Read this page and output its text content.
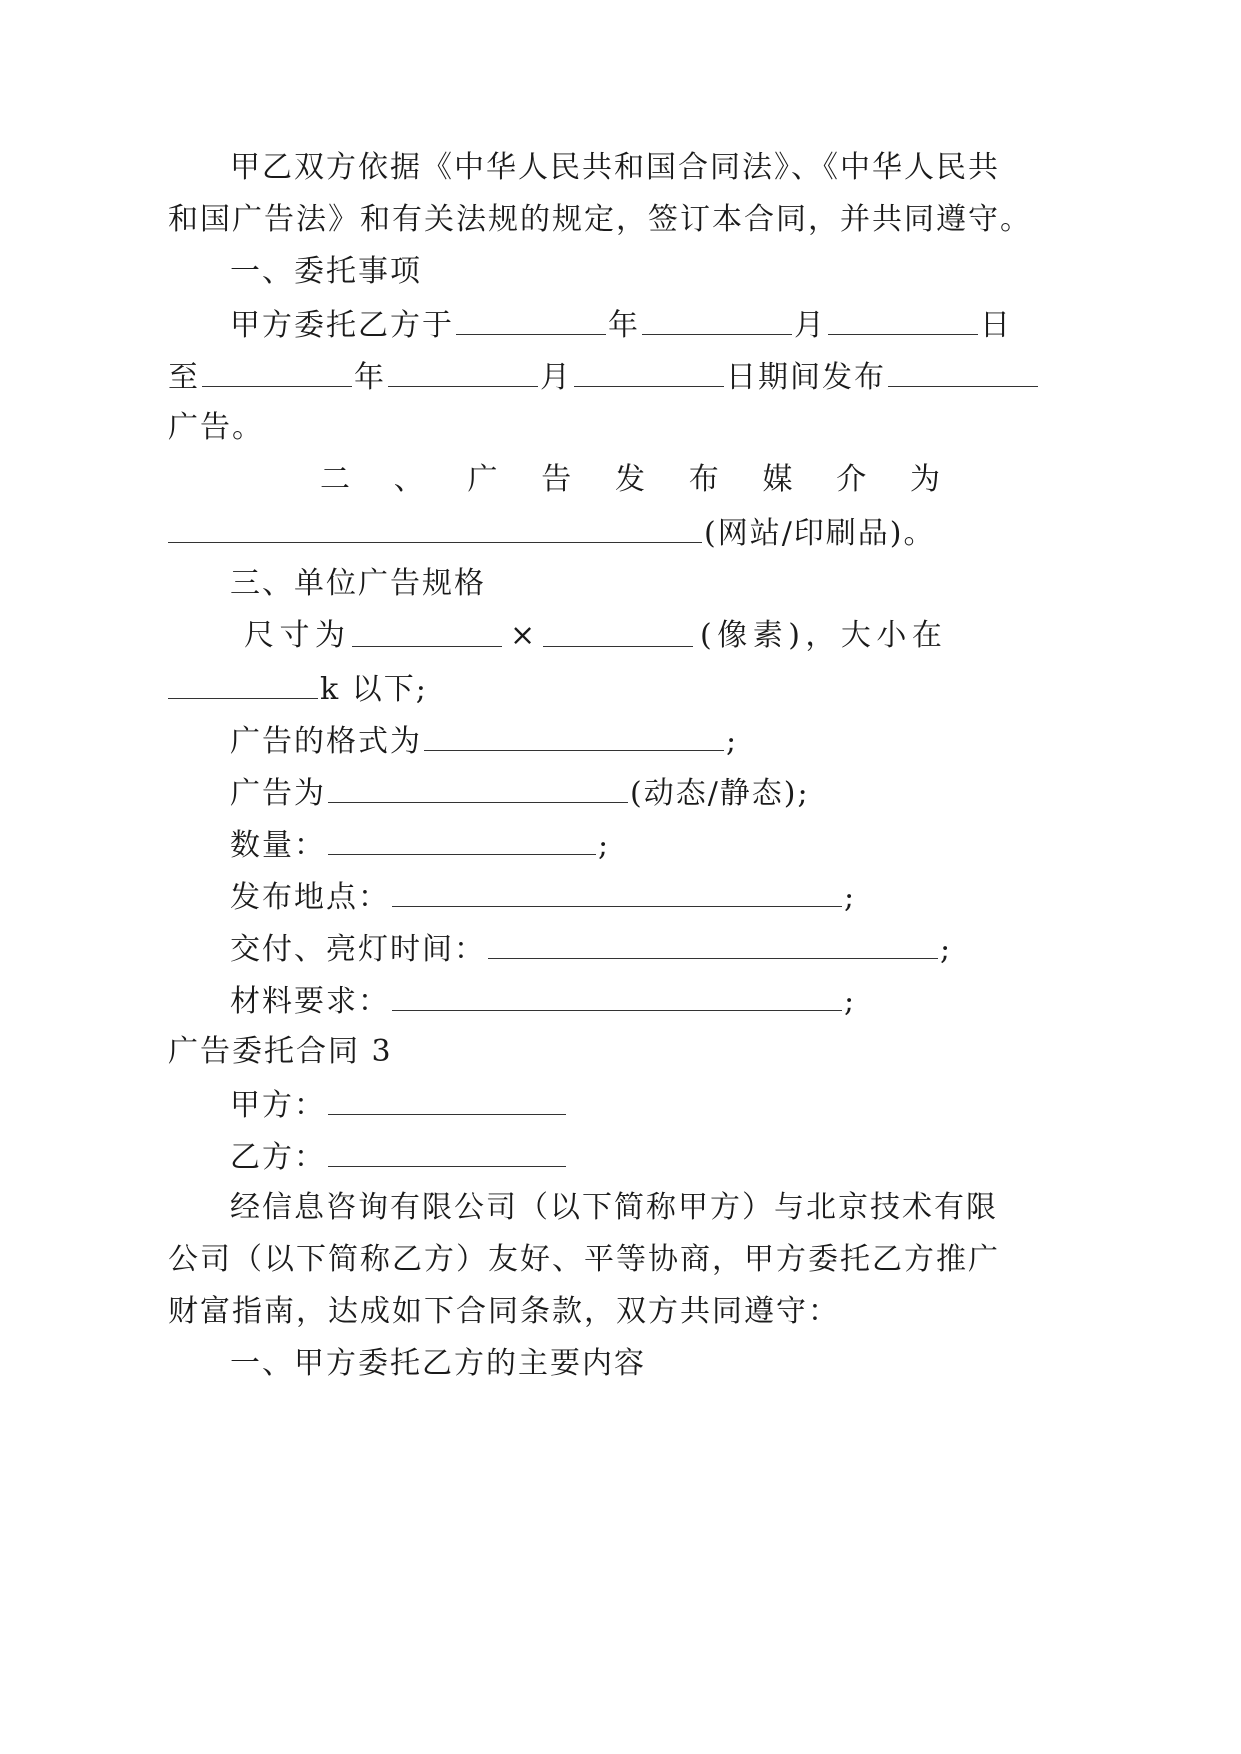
甲乙双方依据《中华人民共和国合同法》、《中华人民共
和国广告法》和有关法规的规定，签订本合同，并共同遵守。
一、委托事项
甲方委托乙方于	年	月	日
至	年	月	日期间发布
广告。
二 、 广 告 发 布 媒 介 为
(网站/印刷品)。
三、单位广告规格
尺 寸 为	×	( 像 素 ) ， 大 小 在
k 以下;
广告的格式为	;
广告为	(动态/静态);
数量：	;
发布地点：	;
交付、亮灯时间：	;
材料要求：	;
广告委托合同 3
甲方：
乙方：
经信息咨询有限公司（以下简称甲方）与北京技术有限
公司（以下简称乙方）友好、平等协商，甲方委托乙方推广
财富指南，达成如下合同条款，双方共同遵守：
一、甲方委托乙方的主要内容
